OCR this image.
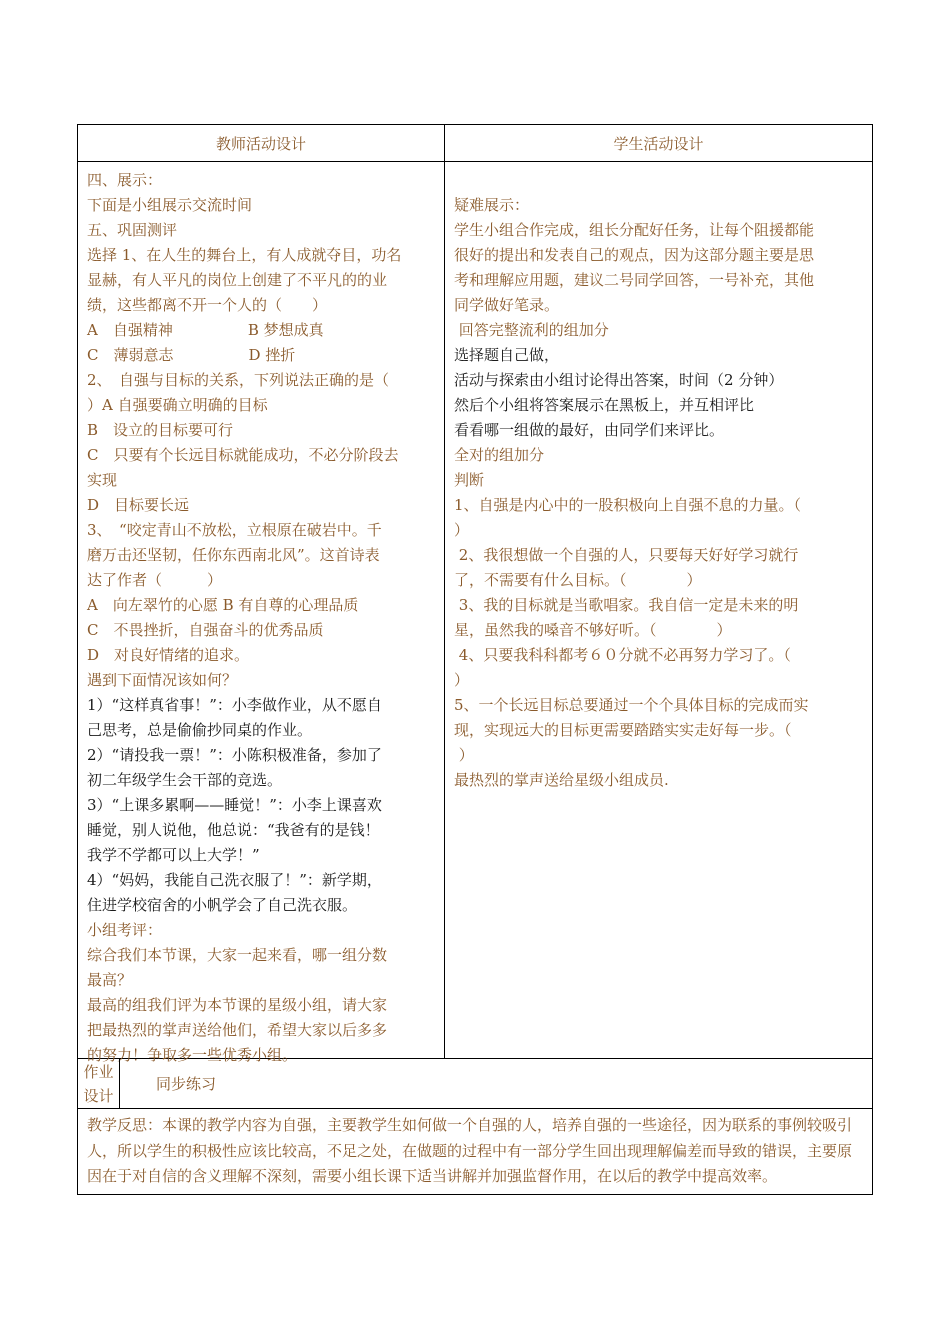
教师活动设计	学生活动设计
四、展示：
下面是小组展示交流时间
五、巩固测评
选择 1、在人生的舞台上，有人成就夺目，功名
显赫，有人平凡的岗位上创建了不平凡的的业
绩，这些都离不开一个人的（　　）
A　自强精神　　　　　B 梦想成真
C　薄弱意志　　　　　D 挫折
2、　自强与目标的关系，下列说法正确的是（
）A 自强要确立明确的目标
B　设立的目标要可行
C　只要有个长远目标就能成功，不必分阶段去
实现
D　目标要长远
3、　“咬定青山不放松，立根原在破岩中。千
磨万击还坚韧，任你东西南北风”。这首诗表
达了作者（　　　）
A　向左翠竹的心愿 B 有自尊的心理品质
C　不畏挫折，自强奋斗的优秀品质
D　对良好情绪的追求。
遇到下面情况该如何？
1）“这样真省事！”：小李做作业，从不愿自
己思考，总是偷偷抄同桌的作业。
2）“请投我一票！”：小陈积极准备，参加了
初二年级学生会干部的竞选。
3）“上课多累啊——睡觉！”：小李上课喜欢
睡觉，别人说他，他总说：“我爸有的是钱！
我学不学都可以上大学！”
4）“妈妈，我能自己洗衣服了！”：新学期，
住进学校宿舍的小帆学会了自己洗衣服。
小组考评：
综合我们本节课，大家一起来看，哪一组分数
最高？
最高的组我们评为本节课的星级小组，请大家
把最热烈的掌声送给他们，希望大家以后多多
的努力！争取多一些优秀小组。

疑难展示：
学生小组合作完成，组长分配好任务，让每个阻援都能
很好的提出和发表自己的观点，因为这部分题主要是思
考和理解应用题，建议二号同学回答，一号补充，其他
同学做好笔录。
回答完整流利的组加分
选择题自己做，
活动与探索由小组讨论得出答案，时间（2 分钟）
然后个小组将答案展示在黑板上，并互相评比
看看哪一组做的最好，由同学们来评比。
全对的组加分
判断
1、自强是内心中的一股积极向上自强不息的力量。（
）
2、我很想做一个自强的人，只要每天好好学习就行
了，不需要有什么目标。（　　　　）
3、我的目标就是当歌唱家。我自信一定是未来的明
星，虽然我的嗓音不够好听。（　　　　）
4、只要我科科都考６０分就不必再努力学习了。（
）
5、一个长远目标总要通过一个个具体目标的完成而实
现，实现远大的目标更需要踏踏实实走好每一步。（
）
最热烈的掌声送给星级小组成员.
作业
设计
同步练习
教学反思：本课的教学内容为自强，主要教学生如何做一个自强的人，培养自强的一些途径，因为联系的事例较吸引人，所以学生的积极性应该比较高，不足之处，在做题的过程中有一部分学生回出现理解偏差而导致的错误，主要原因在于对自信的含义理解不深刻，需要小组长课下适当讲解并加强监督作用，在以后的教学中提高效率。
